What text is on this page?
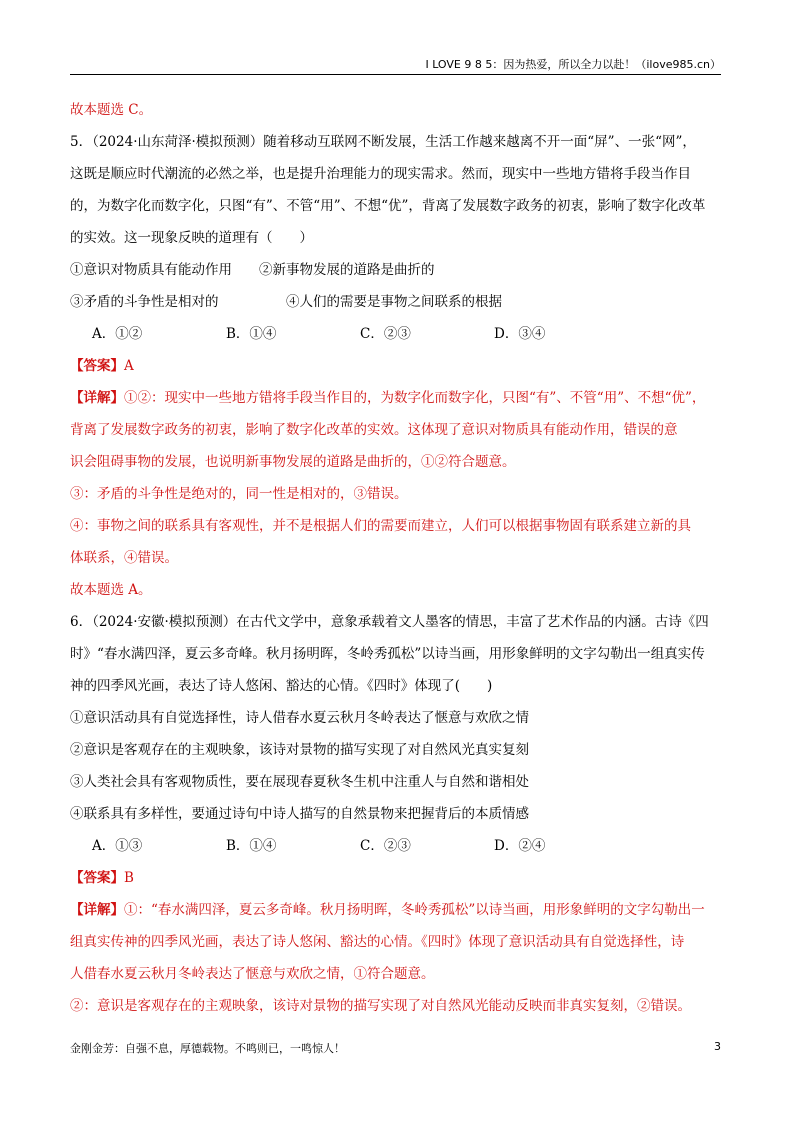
I LOVE 9 8 5：因为热爱，所以全力以赴！（ilove985.cn）
故本题选 C。
5．（2024·山东菏泽·模拟预测）随着移动互联网不断发展，生活工作越来越离不开一面“屏”、一张“网”，
这既是顺应时代潮流的必然之举，也是提升治理能力的现实需求。然而，现实中一些地方错将手段当作目
的，为数字化而数字化，只图“有”、不管“用”、不想“优”，背离了发展数字政务的初衷，影响了数字化改革
的实效。这一现象反映的道理有（　　）
①意识对物质具有能动作用　　②新事物发展的道路是曲折的
③矛盾的斗争性是相对的　　　　　④人们的需要是事物之间联系的根据
A．①②	B．①④	C．②③	D．③④
【答案】A
【详解】①②：现实中一些地方错将手段当作目的，为数字化而数字化，只图“有”、不管“用”、不想“优”，
背离了发展数字政务的初衷，影响了数字化改革的实效。这体现了意识对物质具有能动作用，错误的意
识会阻碍事物的发展，也说明新事物发展的道路是曲折的，①②符合题意。
③：矛盾的斗争性是绝对的，同一性是相对的，③错误。
④：事物之间的联系具有客观性，并不是根据人们的需要而建立，人们可以根据事物固有联系建立新的具
体联系，④错误。
故本题选 A。
6．（2024·安徽·模拟预测）在古代文学中，意象承载着文人墨客的情思，丰富了艺术作品的内涵。古诗《四
时》“春水满四泽，夏云多奇峰。秋月扬明晖，冬岭秀孤松”以诗当画，用形象鲜明的文字勾勒出一组真实传
神的四季风光画，表达了诗人悠闲、豁达的心情。《四时》体现了(　　)
①意识活动具有自觉选择性，诗人借春水夏云秋月冬岭表达了惬意与欢欣之情
②意识是客观存在的主观映象，该诗对景物的描写实现了对自然风光真实复刻
③人类社会具有客观物质性，要在展现春夏秋冬生机中注重人与自然和谐相处
④联系具有多样性，要通过诗句中诗人描写的自然景物来把握背后的本质情感
A．①③	B．①④	C．②③	D．②④
【答案】B
【详解】①：“春水满四泽，夏云多奇峰。秋月扬明晖，冬岭秀孤松”以诗当画，用形象鲜明的文字勾勒出一
组真实传神的四季风光画，表达了诗人悠闲、豁达的心情。《四时》体现了意识活动具有自觉选择性，诗
人借春水夏云秋月冬岭表达了惬意与欢欣之情，①符合题意。
②：意识是客观存在的主观映象，该诗对景物的描写实现了对自然风光能动反映而非真实复刻，②错误。
金刚金芳：自强不息，厚德载物。不鸣则已，一鸣惊人！	3
